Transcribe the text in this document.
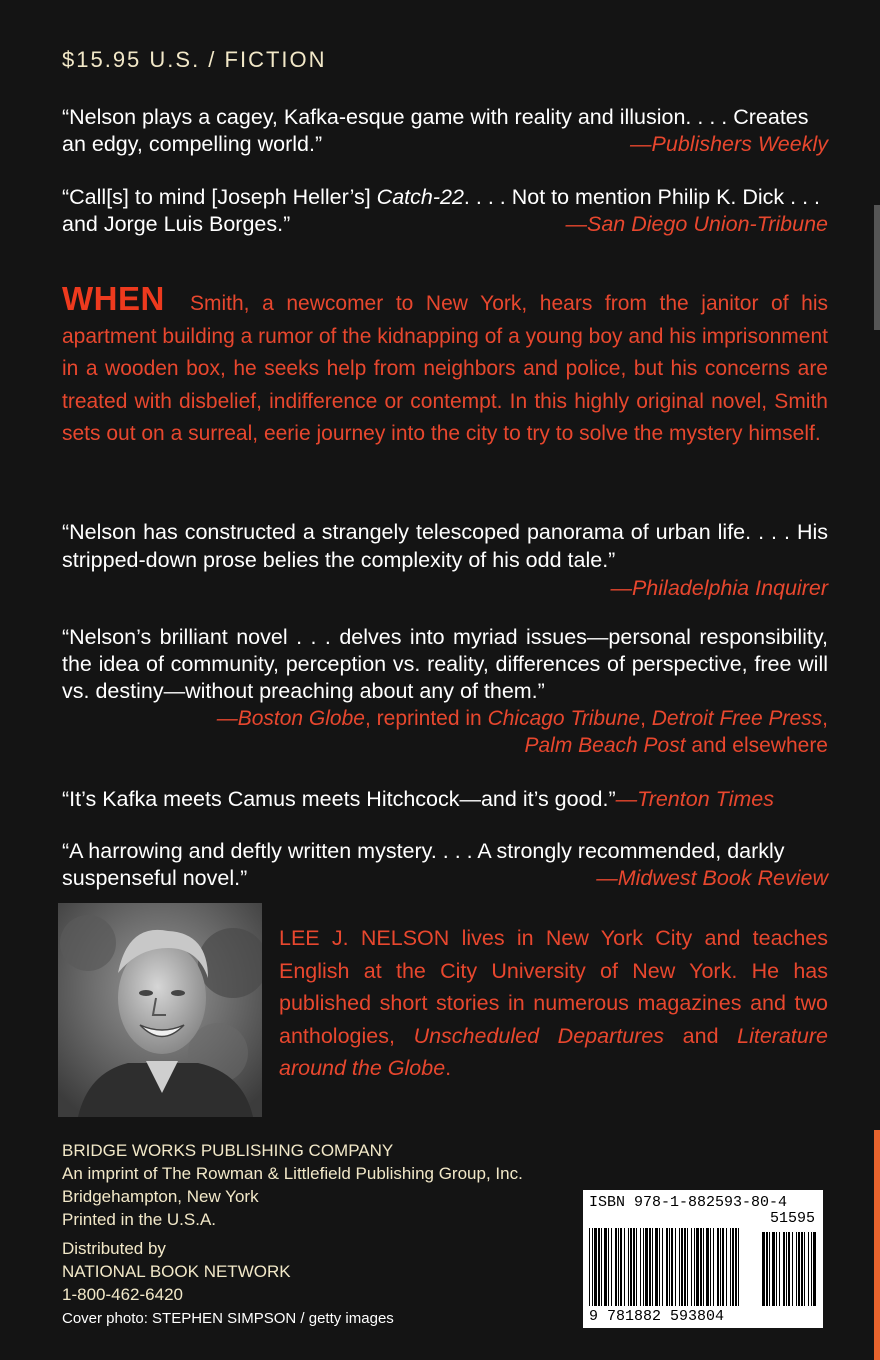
$15.95 U.S. / FICTION
“Nelson plays a cagey, Kafka-esque game with reality and illusion. . . . Creates an edgy, compelling world.”	—Publishers Weekly
“Call[s] to mind [Joseph Heller’s] Catch-22. . . . Not to mention Philip K. Dick . . . and Jorge Luis Borges.”	—San Diego Union-Tribune
WHEN Smith, a newcomer to New York, hears from the janitor of his apartment building a rumor of the kidnapping of a young boy and his imprisonment in a wooden box, he seeks help from neighbors and police, but his concerns are treated with disbelief, indifference or contempt. In this highly original novel, Smith sets out on a surreal, eerie journey into the city to try to solve the mystery himself.
“Nelson has constructed a strangely telescoped panorama of urban life. . . . His stripped-down prose belies the complexity of his odd tale.”
—Philadelphia Inquirer
“Nelson’s brilliant novel . . . delves into myriad issues—personal responsibility, the idea of community, perception vs. reality, differences of perspective, free will vs. destiny—without preaching about any of them.”
—Boston Globe, reprinted in Chicago Tribune, Detroit Free Press,
Palm Beach Post and elsewhere
“It’s Kafka meets Camus meets Hitchcock—and it’s good.”—Trenton Times
“A harrowing and deftly written mystery. . . . A strongly recommended, darkly suspenseful novel.”	—Midwest Book Review
LEE J. NELSON lives in New York City and teaches English at the City University of New York. He has published short stories in numerous magazines and two anthologies, Unscheduled Departures and Literature around the Globe.
BRIDGE WORKS PUBLISHING COMPANY
An imprint of The Rowman & Littlefield Publishing Group, Inc.
Bridgehampton, New York
Printed in the U.S.A.
Distributed by
NATIONAL BOOK NETWORK
1-800-462-6420
Cover photo: STEPHEN SIMPSON / getty images
ISBN 978-1-882593-80-4
51595
9 781882 593804
